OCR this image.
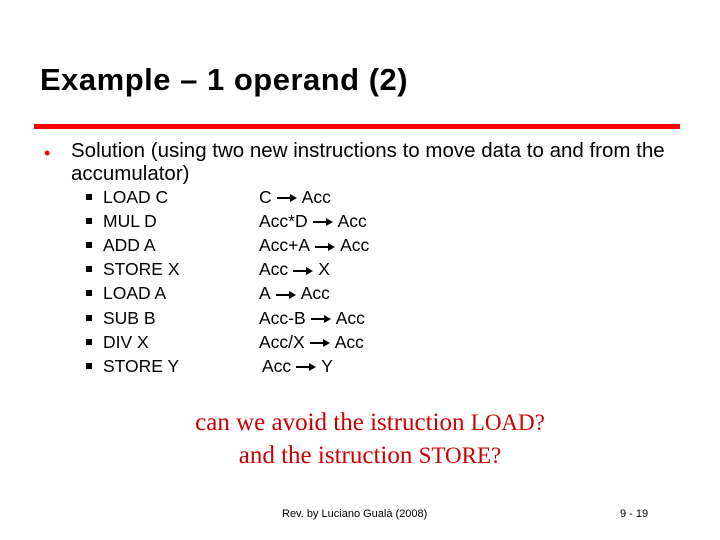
Example – 1 operand (2)
• Solution (using two new instructions to move data to and from the accumulator)
LOAD C	C Acc
MUL D	Acc*D Acc
ADD A	Acc+A Acc
STORE X	Acc X
LOAD A	A Acc
SUB B	Acc-B Acc
DIV X	Acc/X Acc
STORE Y	Acc Y
can we avoid the istruction LOAD?
and the istruction STORE?
Rev. by Luciano Gualà (2008)	9 - 19
